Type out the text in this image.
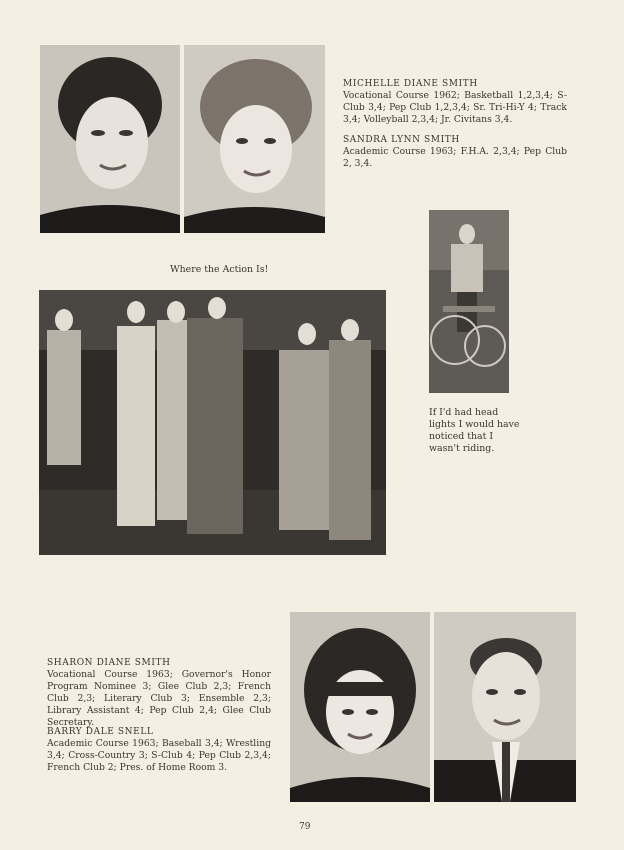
MICHELLE DIANE SMITH
Vocational Course 1962; Basketball 1,2,3,4; S-Club 3,4; Pep Club 1,2,3,4; Sr. Tri-Hi-Y 4; Track 3,4; Volleyball 2,3,4; Jr. Civitans 3,4.
SANDRA LYNN SMITH
Academic Course 1963; F.H.A. 2,3,4; Pep Club 2, 3,4.
If I'd had head
lights I would have
noticed that I
wasn't riding.
Where the Action Is!
SHARON DIANE SMITH
Vocational Course 1963; Governor's Honor Program Nominee 3; Glee Club 2,3; French Club 2,3; Literary Club 3; Ensemble 2,3; Library Assistant 4; Pep Club 2,4; Glee Club Secretary.
BARRY DALE SNELL
Academic Course 1963; Baseball 3,4; Wrestling 3,4; Cross-Country 3; S-Club 4; Pep Club 2,3,4; French Club 2; Pres. of Home Room 3.
79
